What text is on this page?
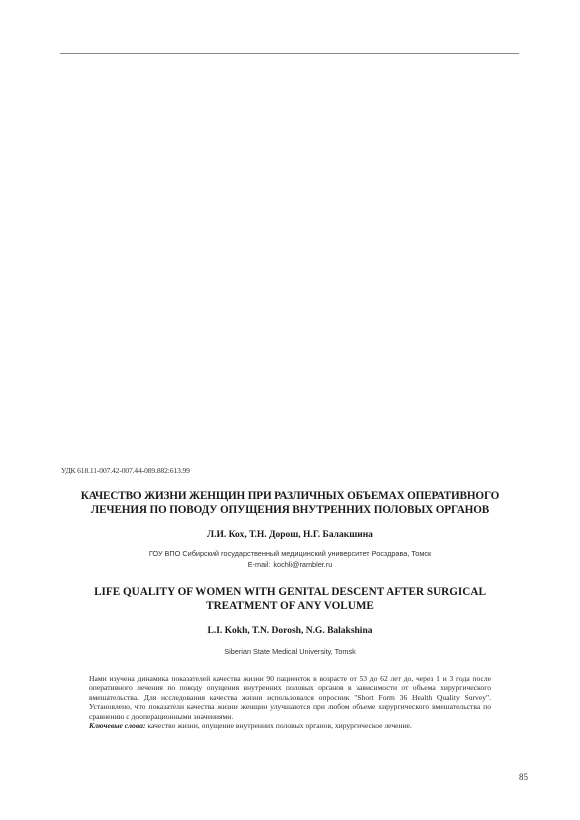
УДК 618.11-007.42-007.44-089.882:613.99
КАЧЕСТВО ЖИЗНИ ЖЕНЩИН ПРИ РАЗЛИЧНЫХ ОБЪЕМАХ ОПЕРАТИВНОГО
ЛЕЧЕНИЯ ПО ПОВОДУ ОПУЩЕНИЯ ВНУТРЕННИХ ПОЛОВЫХ ОРГАНОВ
Л.И. Кох, Т.Н. Дорош, Н.Г. Балакшина
ГОУ ВПО Сибирский государственный медицинский университет Росздрава, Томск
E-mail: kochli@rambler.ru
LIFE QUALITY OF WOMEN WITH GENITAL DESCENT AFTER SURGICAL
TREATMENT OF ANY VOLUME
L.I. Kokh, T.N. Dorosh, N.G. Balakshina
Siberian State Medical University, Tomsk

Нами изучена динамика показателей качества жизни 90 пациенток в возрасте от 53 до 62 лет до, через 1 и 3 года после оперативного лечения по поводу опущения внутренних половых органов в зависимости от объема хирургического вмешательства. Для исследования качества жизни использовался опросник "Short Form 36 Health Quality Survey". Установлено, что показатели качества жизни женщин улучшаются при любом объеме хирургического вмешательства по сравнению с дооперационными значениями.

Ключевые слова: качество жизни, опущение внутренних половых органов, хирургическое лечение.

85
